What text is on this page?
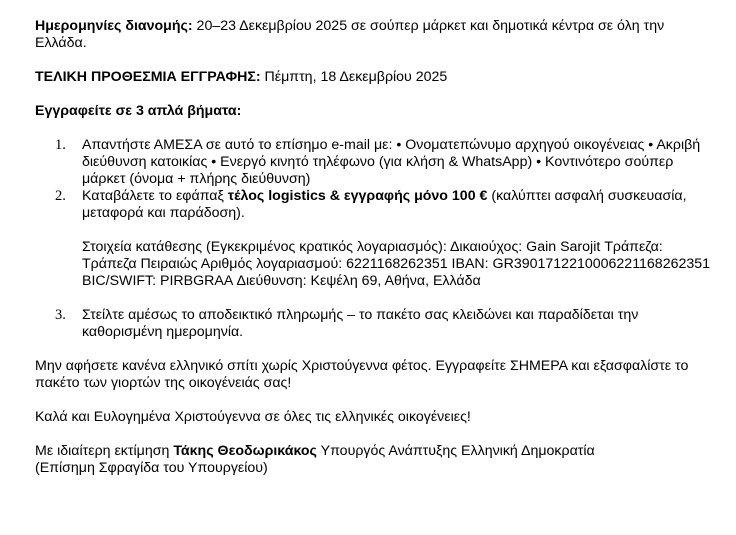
Ημερομηνίες διανομής: 20–23 Δεκεμβρίου 2025 σε σούπερ μάρκετ και δημοτικά κέντρα σε όλη την Ελλάδα.

ΤΕΛΙΚΗ ΠΡΟΘΕΣΜΙΑ ΕΓΓΡΑΦΗΣ: Πέμπτη, 18 Δεκεμβρίου 2025

Εγγραφείτε σε 3 απλά βήματα:

1. Απαντήστε ΑΜΕΣΑ σε αυτό το επίσημο e-mail με: • Ονοματεπώνυμο αρχηγού οικογένειας • Ακριβή διεύθυνση κατοικίας • Ενεργό κινητό τηλέφωνο (για κλήση & WhatsApp) • Κοντινότερο σούπερ μάρκετ (όνομα + πλήρης διεύθυνση)
2. Καταβάλετε το εφάπαξ τέλος logistics & εγγραφής μόνο 100 € (καλύπτει ασφαλή συσκευασία, μεταφορά και παράδοση).
Στοιχεία κατάθεσης (Εγκεκριμένος κρατικός λογαριασμός): Δικαιούχος: Gain Sarojit Τράπεζα: Τράπεζα Πειραιώς Αριθμός λογαριασμού: 6221168262351 IBAN: GR3901712210006221168262351 BIC/SWIFT: PIRBGRAA Διεύθυνση: Κεψέλη 69, Αθήνα, Ελλάδα
3. Στείλτε αμέσως το αποδεικτικό πληρωμής – το πακέτο σας κλειδώνει και παραδίδεται την καθορισμένη ημερομηνία.

Μην αφήσετε κανένα ελληνικό σπίτι χωρίς Χριστούγεννα φέτος. Εγγραφείτε ΣΗΜΕΡΑ και εξασφαλίστε το πακέτο των γιορτών της οικογένειάς σας!

Καλά και Ευλογημένα Χριστούγεννα σε όλες τις ελληνικές οικογένειες!

Με ιδιαίτερη εκτίμηση Τάκης Θεοδωρικάκος Υπουργός Ανάπτυξης Ελληνική Δημοκρατία
(Επίσημη Σφραγίδα του Υπουργείου)
